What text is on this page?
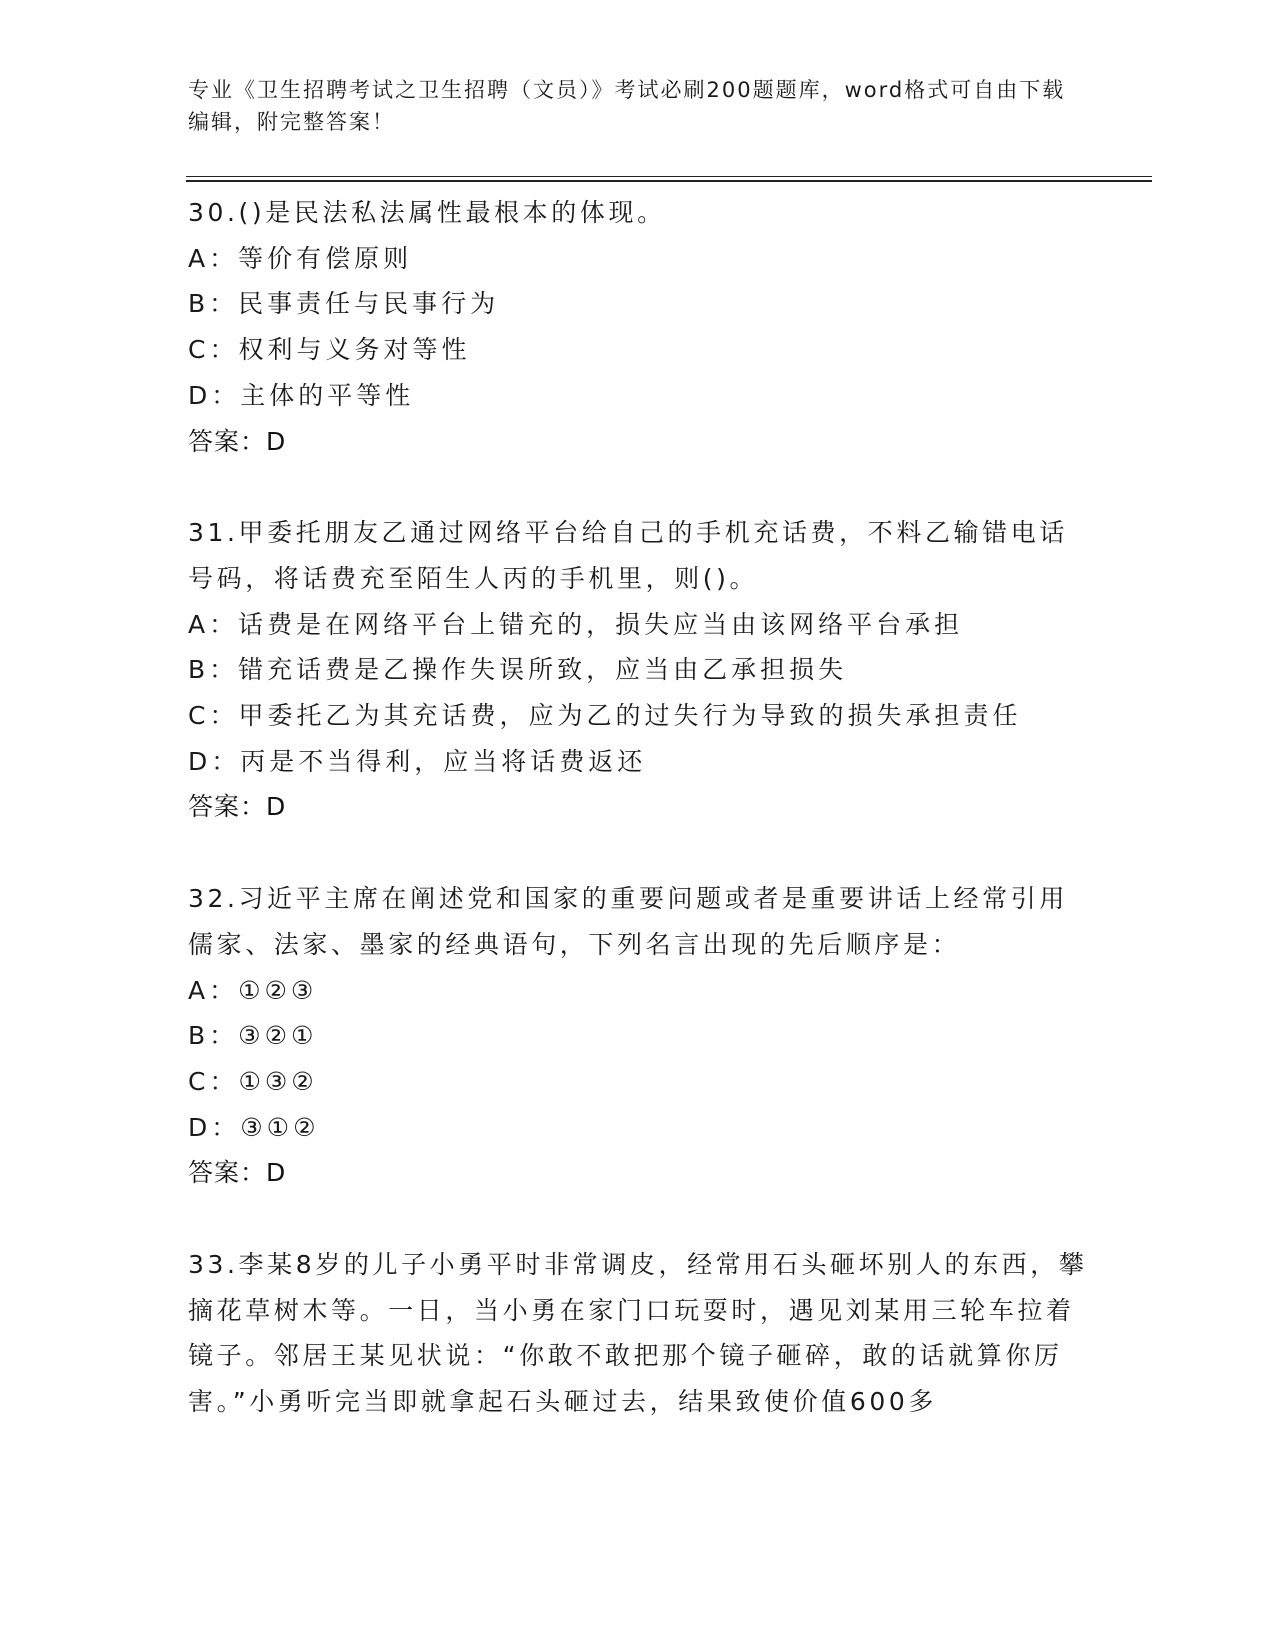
专业《卫生招聘考试之卫生招聘（文员）》考试必刷200题题库，word格式可自由下载编辑，附完整答案！

30.()是民法私法属性最根本的体现。

A：等价有偿原则

B：民事责任与民事行为

C：权利与义务对等性

D：主体的平等性

答案：D

31.甲委托朋友乙通过网络平台给自己的手机充话费，不料乙输错电话号码，将话费充至陌生人丙的手机里，则()。

A：话费是在网络平台上错充的，损失应当由该网络平台承担

B：错充话费是乙操作失误所致，应当由乙承担损失

C：甲委托乙为其充话费，应为乙的过失行为导致的损失承担责任

D：丙是不当得利，应当将话费返还

答案：D

32.习近平主席在阐述党和国家的重要问题或者是重要讲话上经常引用儒家、法家、墨家的经典语句，下列名言出现的先后顺序是：

A：①②③

B：③②①

C：①③②

D：③①②

答案：D

33.李某8岁的儿子小勇平时非常调皮，经常用石头砸坏别人的东西，攀摘花草树木等。一日，当小勇在家门口玩耍时，遇见刘某用三轮车拉着镜子。邻居王某见状说：“你敢不敢把那个镜子砸碎，敢的话就算你厉害。”小勇听完当即就拿起石头砸过去，结果致使价值600多
